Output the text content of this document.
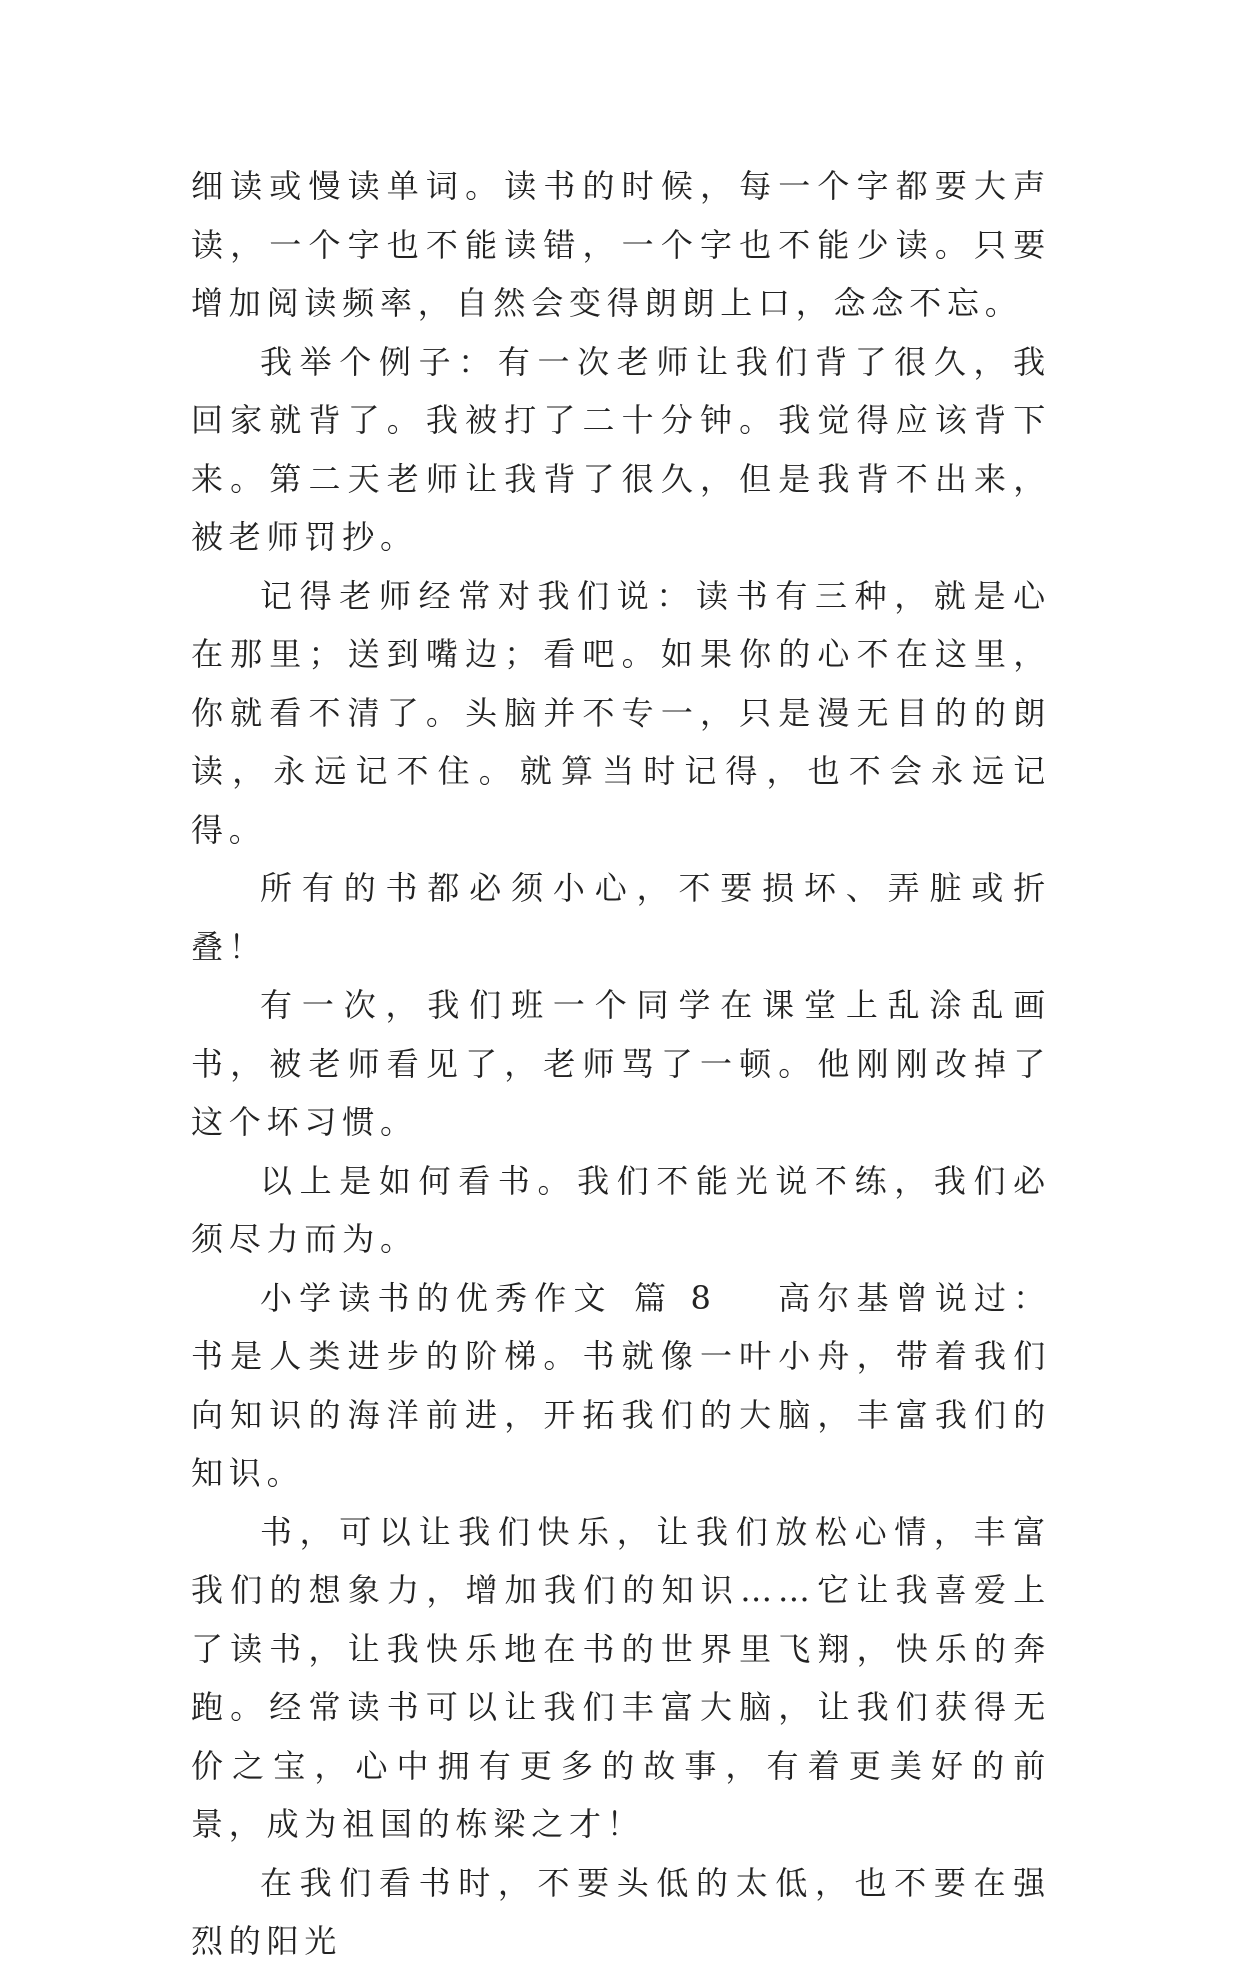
细读或慢读单词。读书的时候，每一个字都要大声读，一个字也不能读错，一个字也不能少读。只要增加阅读频率，自然会变得朗朗上口，念念不忘。

我举个例子：有一次老师让我们背了很久，我回家就背了。我被打了二十分钟。我觉得应该背下来。第二天老师让我背了很久，但是我背不出来，被老师罚抄。

记得老师经常对我们说：读书有三种，就是心在那里；送到嘴边；看吧。如果你的心不在这里，你就看不清了。头脑并不专一，只是漫无目的的朗读，永远记不住。就算当时记得，也不会永远记得。

所有的书都必须小心，不要损坏、弄脏或折叠！

有一次，我们班一个同学在课堂上乱涂乱画书，被老师看见了，老师骂了一顿。他刚刚改掉了这个坏习惯。

以上是如何看书。我们不能光说不练，我们必须尽力而为。

小学读书的优秀作文 篇 8 高尔基曾说过：书是人类进步的阶梯。书就像一叶小舟，带着我们向知识的海洋前进，开拓我们的大脑，丰富我们的知识。

书，可以让我们快乐，让我们放松心情，丰富我们的想象力，增加我们的知识……它让我喜爱上了读书，让我快乐地在书的世界里飞翔，快乐的奔跑。经常读书可以让我们丰富大脑，让我们获得无价之宝，心中拥有更多的故事，有着更美好的前景，成为祖国的栋梁之才！

在我们看书时，不要头低的太低，也不要在强烈的阳光
